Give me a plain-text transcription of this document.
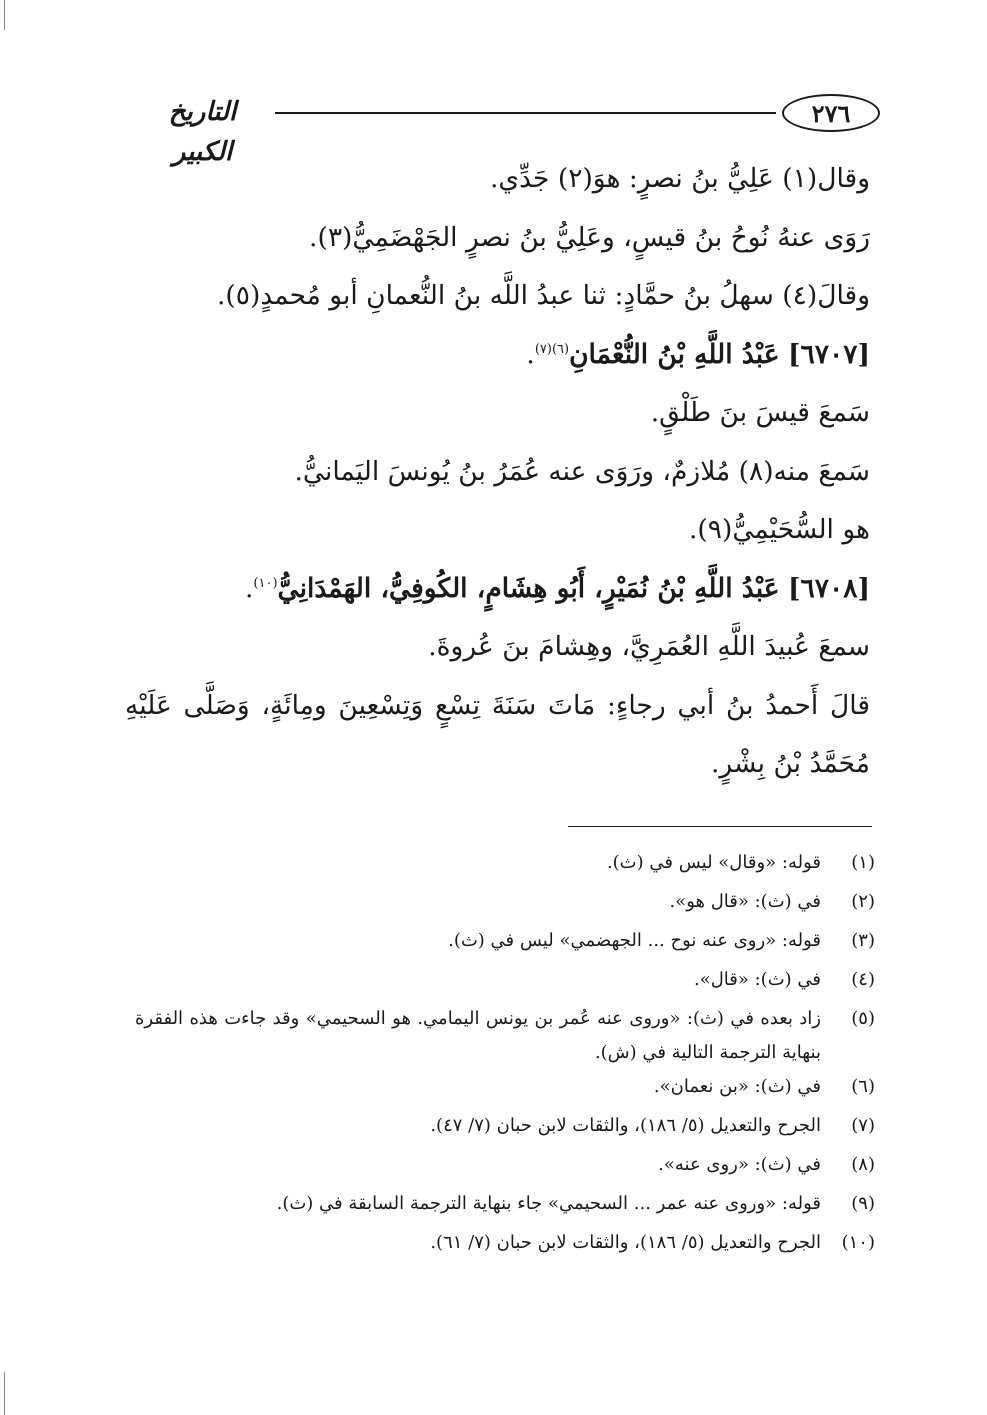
التاريخ الكبير
٢٧٦
وقال(١) عَلِيُّ بنُ نصرٍ: هوَ(٢) جَدِّي.
رَوَى عنهُ نُوحُ بنُ قيسٍ، وعَلِيُّ بنُ نصرٍ الجَهْضَمِيُّ(٣).
وقالَ(٤) سهلُ بنُ حمَّادٍ: ثنا عبدُ اللَّه بنُ النُّعمانِ أبو مُحمدٍ(٥).
[٦٧٠٧] عَبْدُ اللَّهِ بْنُ النُّعْمَانِ$^{(٦)(٧)}$.
سَمعَ قيسَ بنَ طَلْقٍ.
سَمعَ منه(٨) مُلازمٌ، ورَوَى عنه عُمَرُ بنُ يُونسَ اليَمانيُّ.
هو السُّحَيْمِيُّ(٩).
[٦٧٠٨] عَبْدُ اللَّهِ بْنُ نُمَيْرٍ، أَبُو هِشَامٍ، الكُوفِيُّ، الهَمْدَانِيُّ$^{(١٠)}$.
سمعَ عُبيدَ اللَّهِ العُمَرِيَّ، وهِشامَ بنَ عُروةَ.
قالَ أَحمدُ بنُ أبي رجاءٍ: مَاتَ سَنَةَ تِسْعٍ وَتِسْعِينَ ومِائَةٍ، وَصَلَّى عَلَيْهِ
مُحَمَّدُ بْنُ بِشْرٍ.
(١)
قوله: «وقال» ليس في (ث).
(٢)
في (ث): «قال هو».
(٣)
قوله: «روى عنه نوح ... الجهضمي» ليس في (ث).
(٤)
في (ث): «قال».
(٥)
زاد بعده في (ث): «وروى عنه عُمر بن يونس اليمامي. هو السحيمي» وقد جاءت هذه الفقرة بنهاية الترجمة التالية في (ش).
(٦)
في (ث): «بن نعمان».
(٧)
الجرح والتعديل (٥/ ١٨٦)، والثقات لابن حبان (٧/ ٤٧).
(٨)
في (ث): «روى عنه».
(٩)
قوله: «وروى عنه عمر ... السحيمي» جاء بنهاية الترجمة السابقة في (ث).
(١٠)
الجرح والتعديل (٥/ ١٨٦)، والثقات لابن حبان (٧/ ٦١).
